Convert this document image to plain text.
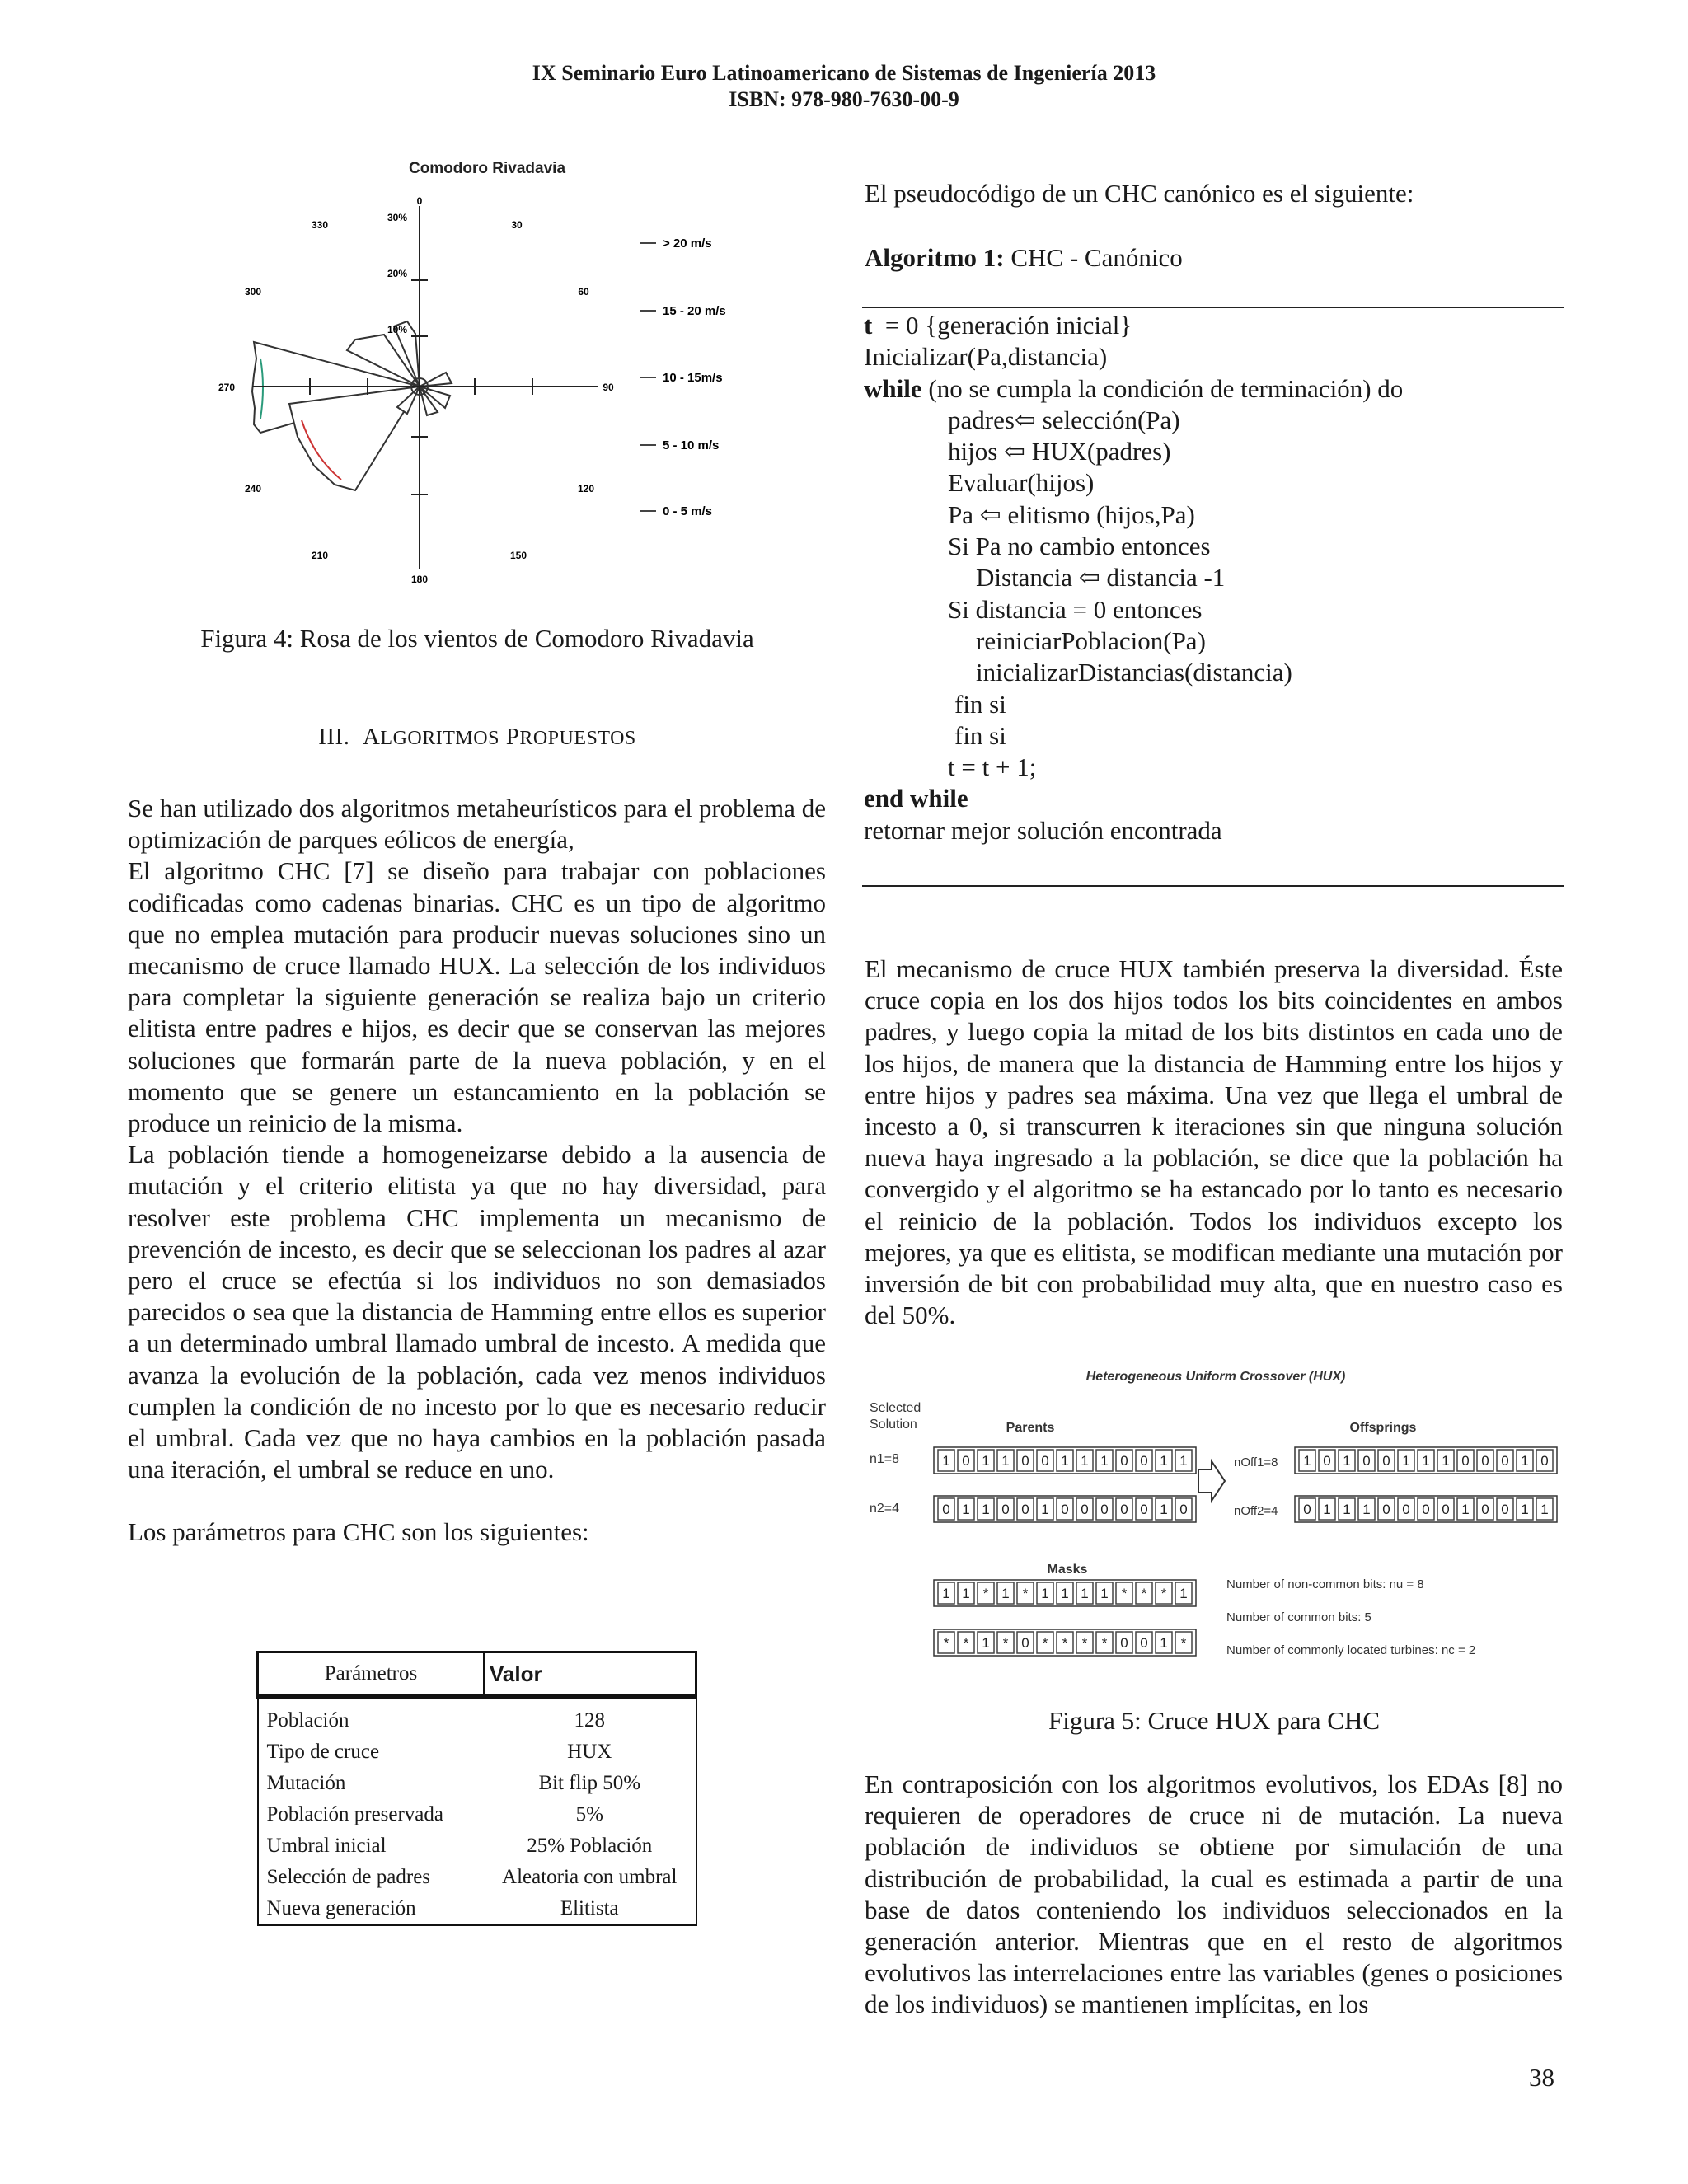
IX Seminario Euro Latinoamericano de Sistemas de Ingeniería 2013
ISBN: 978-980-7630-00-9
Comodoro Rivadavia
0
30
60
90
120
150
180
210
240
270
300
330
10%
20%
30%
> 20 m/s
15 - 20 m/s
10 - 15m/s
5 - 10 m/s
0 - 5 m/s
Figura 4: Rosa de los vientos de Comodoro Rivadavia
III. ALGORITMOS PROPUESTOS
Se han utilizado dos algoritmos metaheurísticos para el problema de optimización de parques eólicos de energía,
El algoritmo CHC [7] se diseño para trabajar con poblaciones codificadas como cadenas binarias. CHC es un tipo de algoritmo que no emplea mutación para producir nuevas soluciones sino un mecanismo de cruce llamado HUX. La selección de los individuos para completar la siguiente generación se realiza bajo un criterio elitista entre padres e hijos, es decir que se conservan las mejores soluciones que formarán parte de la nueva población, y en el momento que se genere un estancamiento en la población se produce un reinicio de la misma.
La población tiende a homogeneizarse debido a la ausencia de mutación y el criterio elitista ya que no hay diversidad, para resolver este problema CHC implementa un mecanismo de prevención de incesto, es decir que se seleccionan los padres al azar pero el cruce se efectúa si los individuos no son demasiados parecidos o sea que la distancia de Hamming entre ellos es superior a un determinado umbral llamado umbral de incesto. A medida que avanza la evolución de la población, cada vez menos individuos cumplen la condición de no incesto por lo que es necesario reducir el umbral. Cada vez que no haya cambios en la población pasada una iteración, el umbral se reduce en uno.
Los parámetros para CHC son los siguientes:
Parámetros	Valor

Población	128
Tipo de cruce	HUX
Mutación	Bit flip 50%
Población preservada	5%
Umbral inicial	25% Población
Selección de padres	Aleatoria con umbral
Nueva generación	Elitista
El pseudocódigo de un CHC canónico es el siguiente:
Algoritmo 1: CHC - Canónico
t  = 0 {generación inicial}
Inicializar(Pa,distancia)
while (no se cumpla la condición de terminación) do
padres⇦ selección(Pa)
hijos ⇦ HUX(padres)
Evaluar(hijos)
Pa ⇦ elitismo (hijos,Pa)
Si Pa no cambio entonces
Distancia ⇦ distancia -1
Si distancia = 0 entonces
reiniciarPoblacion(Pa)
inicializarDistancias(distancia)
fin si
fin si
t = t + 1;
end while
retornar mejor solución encontrada
El mecanismo de cruce HUX también preserva la diversidad. Éste cruce copia en los dos hijos todos los bits coincidentes en ambos padres, y luego copia la mitad de los bits distintos en cada uno de los hijos, de manera que la distancia de Hamming entre los hijos y entre hijos y padres sea máxima. Una vez que llega el umbral de incesto a 0, si transcurren k iteraciones sin que ninguna solución nueva haya ingresado a la población, se dice que la población ha convergido y el algoritmo se ha estancado por lo tanto es necesario el reinicio de la población. Todos los individuos excepto los mejores, ya que es elitista, se modifican mediante una mutación por inversión de bit con probabilidad muy alta, que en nuestro caso es del 50%.
Heterogeneous Uniform Crossover (HUX)
Selected
Solution	Parents	Offsprings
n1=8
n2=4
nOff1=8
nOff2=4
Masks
Number of non-common bits: nu = 8
Number of common bits: 5
Number of commonly located turbines: nc = 2
1 0 1 1 0 0 1 1 1 0 0 1 1
0 1 1 0 0 1 0 0 0 0 0 1 0
1 0 1 0 0 1 1 1 0 0 0 1 0
0 1 1 1 0 0 0 0 1 0 0 1 1
1 1 * 1 * 1 1 1 1 * * * 1
* * 1 * 0 * * * * 0 0 1 *
Figura 5: Cruce HUX para CHC
En contraposición con los algoritmos evolutivos, los EDAs [8] no requieren de operadores de cruce ni de mutación. La nueva población de individuos se obtiene por simulación de una distribución de probabilidad, la cual es estimada a partir de una base de datos conteniendo los individuos seleccionados en la generación anterior. Mientras que en el resto de algoritmos evolutivos las interrelaciones entre las variables (genes o posiciones de los individuos) se mantienen implícitas, en los
38
